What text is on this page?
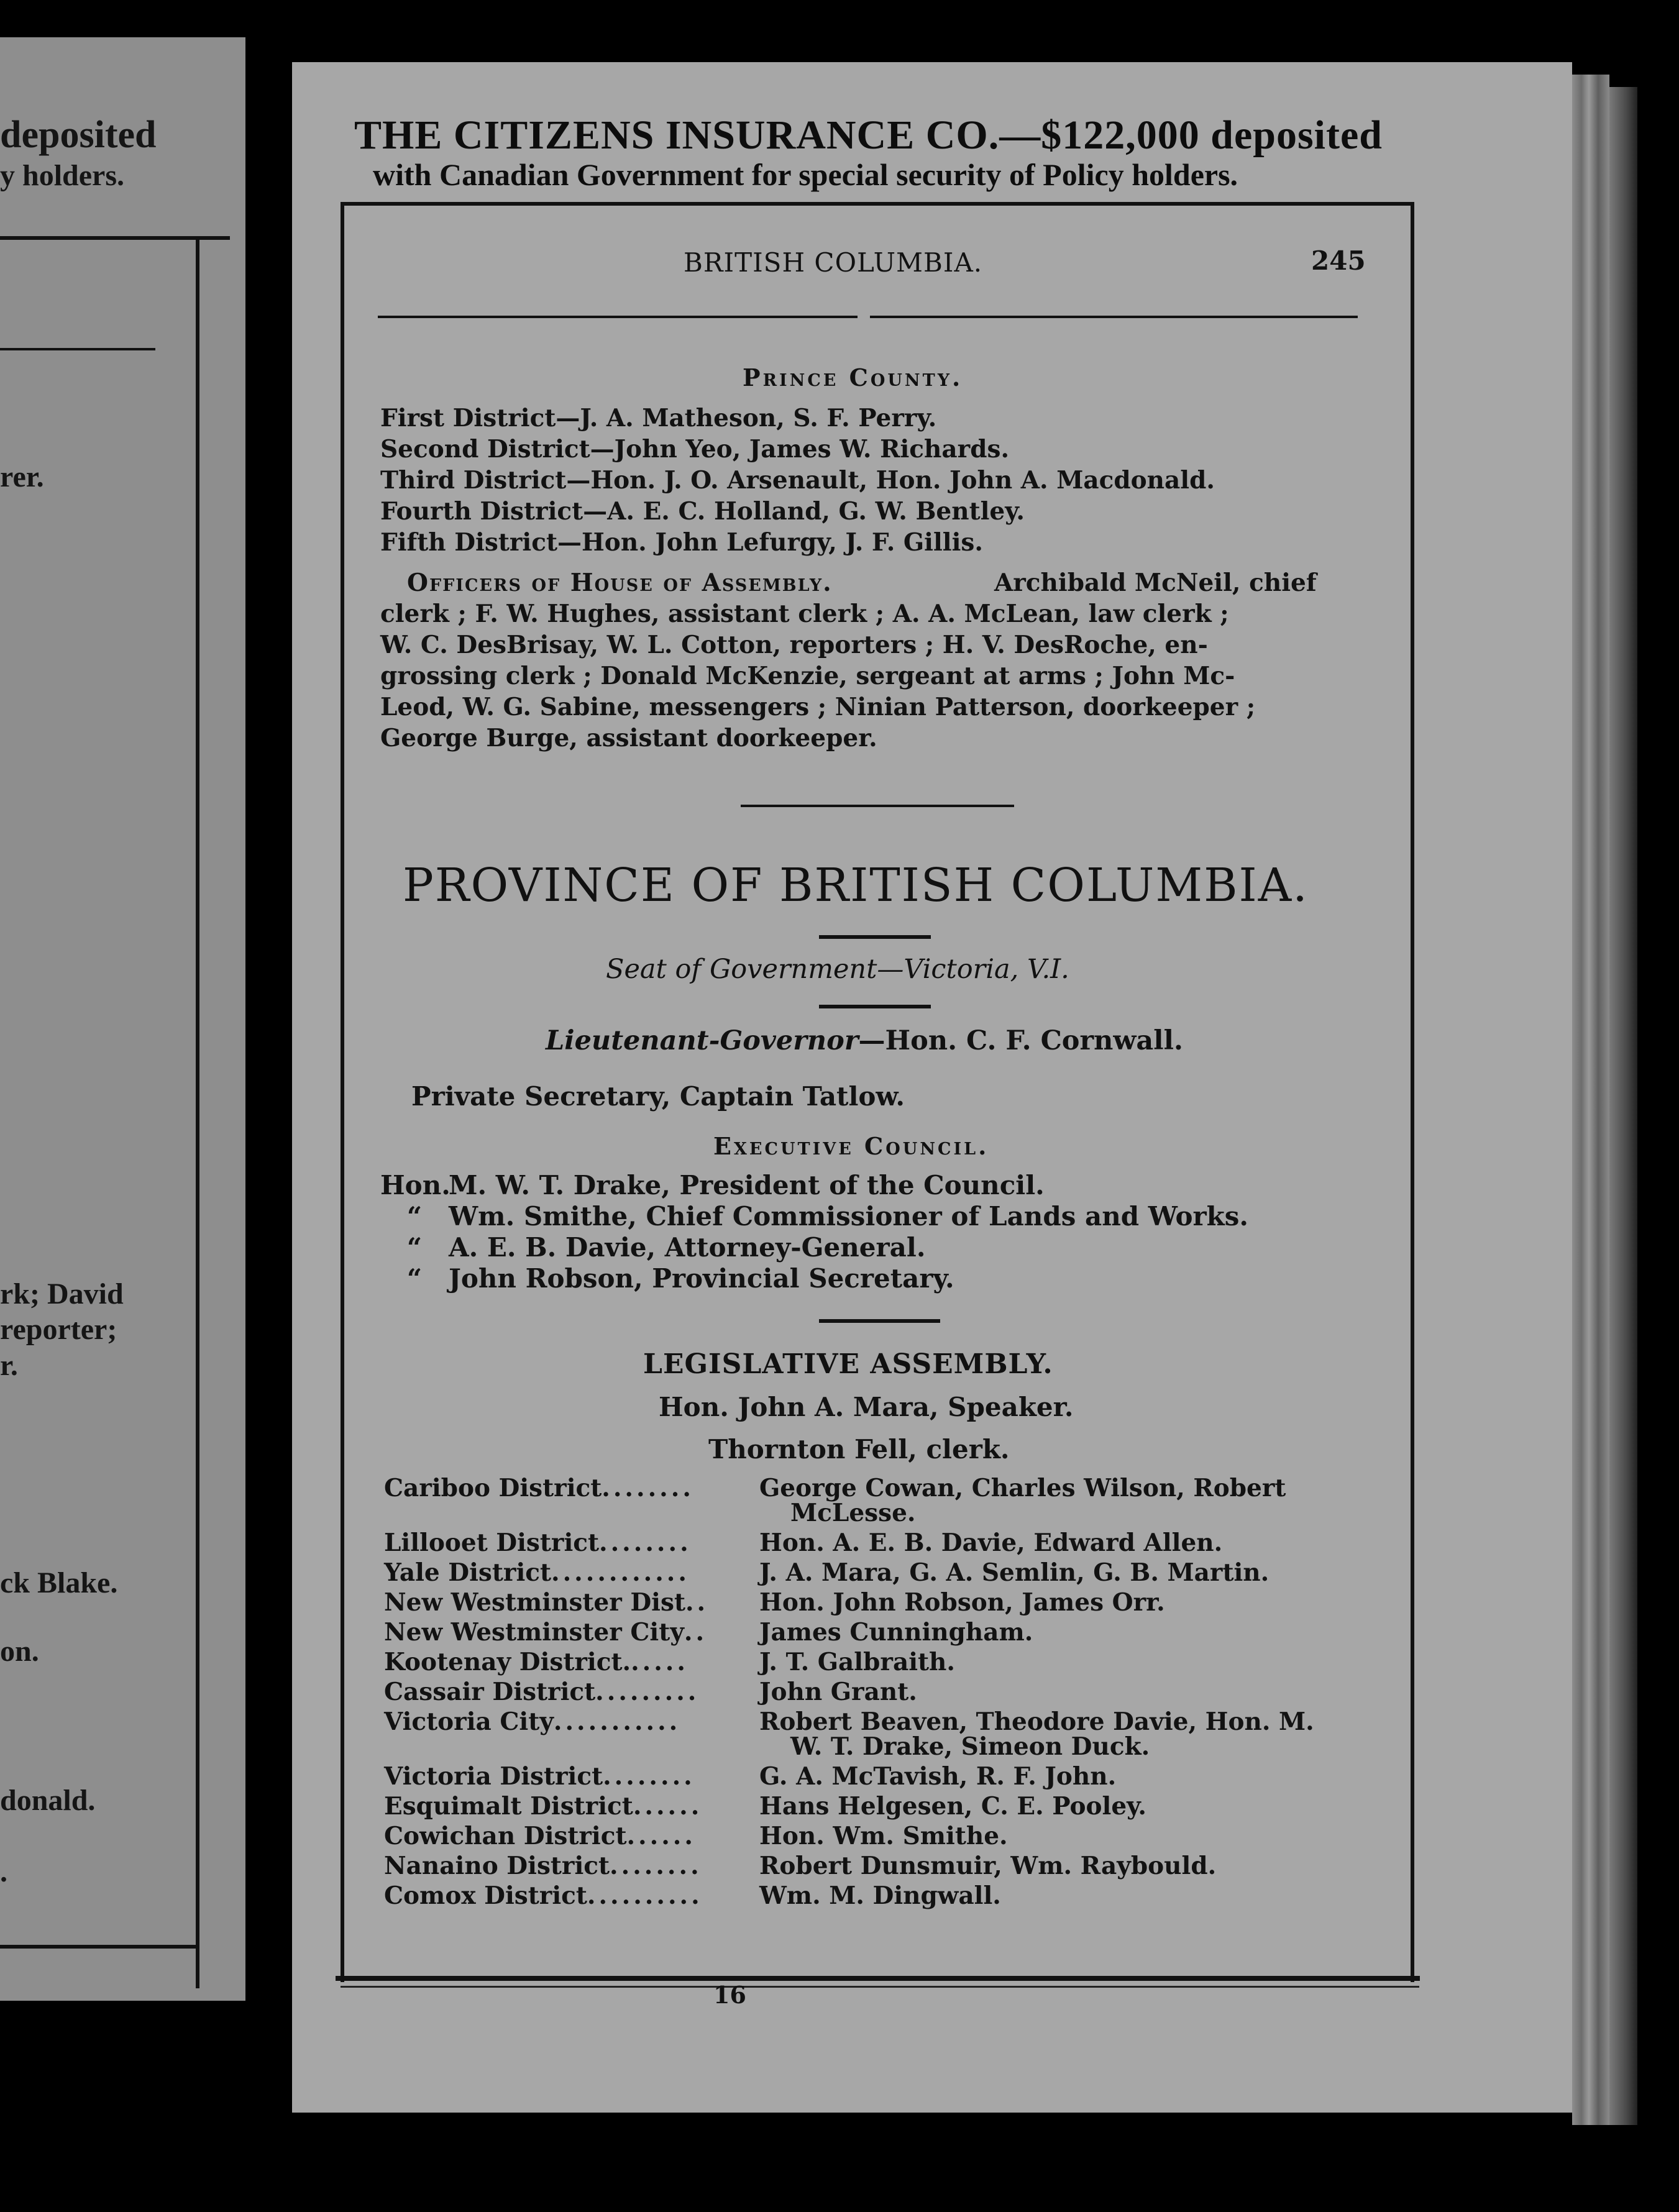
deposited
y holders.
rer.
rk; David
reporter;
r.
ck Blake.
on.
donald.
.
THE CITIZENS INSURANCE CO.—$122,000 deposited
with Canadian Government for special security of Policy holders.
BRITISH COLUMBIA.	245
Prince County.
First District—J. A. Matheson, S. F. Perry.
Second District—John Yeo, James W. Richards.
Third District—Hon. J. O. Arsenault, Hon. John A. Macdonald.
Fourth District—A. E. C. Holland, G. W. Bentley.
Fifth District—Hon. John Lefurgy, J. F. Gillis.
Officers of House of Assembly.	Archibald McNeil, chief
clerk ; F. W. Hughes, assistant clerk ; A. A. McLean, law clerk ;
W. C. DesBrisay, W. L. Cotton, reporters ; H. V. DesRoche, en-
grossing clerk ; Donald McKenzie, sergeant at arms ; John Mc-
Leod, W. G. Sabine, messengers ; Ninian Patterson, doorkeeper ;
George Burge, assistant doorkeeper.
PROVINCE OF BRITISH COLUMBIA.
Seat of Government—Victoria, V.I.
Lieutenant-Governor—Hon. C. F. Cornwall.
Private Secretary, Captain Tatlow.
Executive Council.
Hon.M. W. T. Drake, President of the Council.
“ Wm. Smithe, Chief Commissioner of Lands and Works.
“ A. E. B. Davie, Attorney-General.
“ John Robson, Provincial Secretary.
LEGISLATIVE ASSEMBLY.
Hon. John A. Mara, Speaker.
Thornton Fell, clerk.
Cariboo District........	George Cowan, Charles Wilson, Robert
McLesse.
Lillooet District........	Hon. A. E. B. Davie, Edward Allen.
Yale District............	J. A. Mara, G. A. Semlin, G. B. Martin.
New Westminster Dist.. Hon. John Robson, James Orr.
New Westminster City.. James Cunningham.
Kootenay District......	J. T. Galbraith.
Cassair District......... John Grant.
Victoria City...........	Robert Beaven, Theodore Davie, Hon. M.
W. T. Drake, Simeon Duck.
Victoria District........	G. A. McTavish, R. F. John.
Esquimalt District...... Hans Helgesen, C. E. Pooley.
Cowichan District......	Hon. Wm. Smithe.
Nanaino District........ Robert Dunsmuir, Wm. Raybould.
Comox District.......... Wm. M. Dingwall.
16
